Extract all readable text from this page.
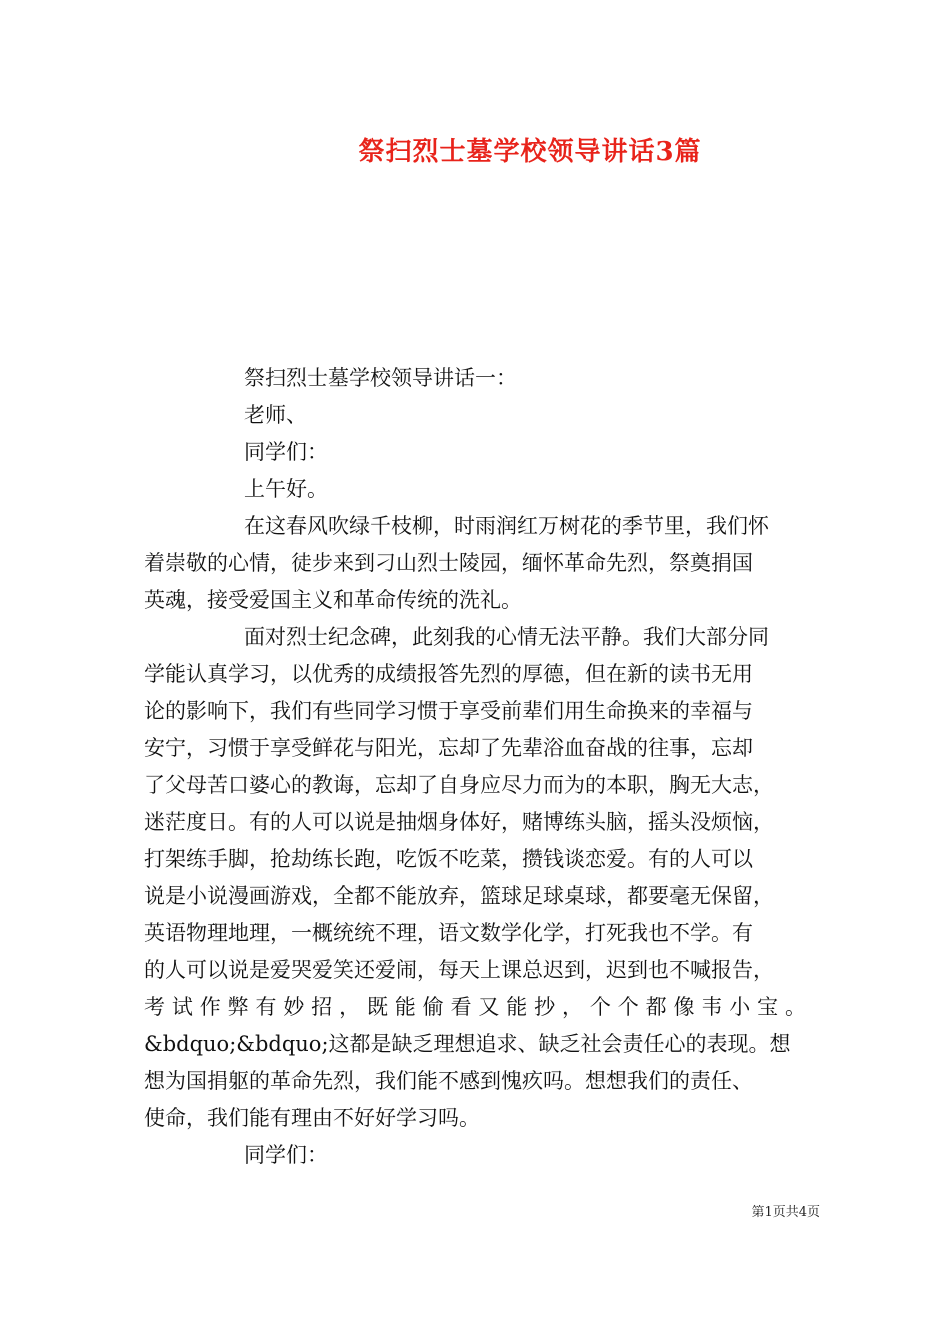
祭扫烈士墓学校领导讲话3篇
祭扫烈士墓学校领导讲话一：
老师、
同学们：
上午好。
在这春风吹绿千枝柳，时雨润红万树花的季节里，我们怀
着崇敬的心情，徒步来到刁山烈士陵园，缅怀革命先烈，祭奠捐国
英魂，接受爱国主义和革命传统的洗礼。
面对烈士纪念碑，此刻我的心情无法平静。我们大部分同
学能认真学习，以优秀的成绩报答先烈的厚德，但在新的读书无用
论的影响下，我们有些同学习惯于享受前辈们用生命换来的幸福与
安宁，习惯于享受鲜花与阳光，忘却了先辈浴血奋战的往事，忘却
了父母苦口婆心的教诲，忘却了自身应尽力而为的本职，胸无大志，
迷茫度日。有的人可以说是抽烟身体好，赌博练头脑，摇头没烦恼，
打架练手脚，抢劫练长跑，吃饭不吃菜，攒钱谈恋爱。有的人可以
说是小说漫画游戏，全都不能放弃，篮球足球桌球，都要毫无保留，
英语物理地理，一概统统不理，语文数学化学，打死我也不学。有
的人可以说是爱哭爱笑还爱闹，每天上课总迟到，迟到也不喊报告，
考试作弊有妙招，既能偷看又能抄，个个都像韦小宝。
&bdquo;&bdquo;这都是缺乏理想追求、缺乏社会责任心的表现。想
想为国捐躯的革命先烈，我们能不感到愧疚吗。想想我们的责任、
使命，我们能有理由不好好学习吗。
同学们：
第1页共4页
